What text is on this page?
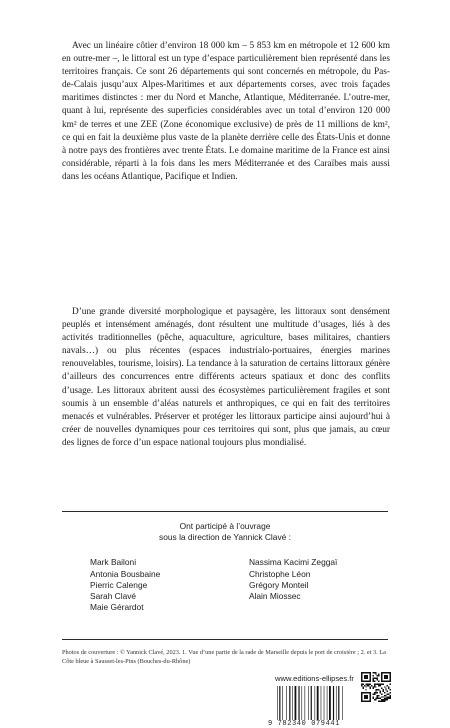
Avec un linéaire côtier d’environ 18 000 km – 5 853 km en métropole et 12 600 km en outre-mer –, le littoral est un type d’espace particulièrement bien représenté dans les territoires français. Ce sont 26 départements qui sont concernés en métropole, du Pas-de-Calais jusqu’aux Alpes-Maritimes et aux départements corses, avec trois façades maritimes distinctes : mer du Nord et Manche, Atlantique, Méditerranée. L’outre-mer, quant à lui, représente des superficies considérables avec un total d’environ 120 000 km² de terres et une ZEE (Zone économique exclusive) de près de 11 millions de km², ce qui en fait la deuxième plus vaste de la planète derrière celle des États-Unis et donne à notre pays des frontières avec trente États. Le domaine maritime de la France est ainsi considérable, réparti à la fois dans les mers Méditerranée et des Caraïbes mais aussi dans les océans Atlantique, Pacifique et Indien.

D’une grande diversité morphologique et paysagère, les littoraux sont densément peuplés et intensément aménagés, dont résultent une multitude d’usages, liés à des activités traditionnelles (pêche, aquaculture, agriculture, bases militaires, chantiers navals…) ou plus récentes (espaces industrialo-portuaires, énergies marines renouvelables, tourisme, loisirs). La tendance à la saturation de certains littoraux génère d’ailleurs des concurrences entre différents acteurs spatiaux et donc des conflits d’usage. Les littoraux abritent aussi des écosystèmes particulièrement fragiles et sont soumis à un ensemble d’aléas naturels et anthropiques, ce qui en fait des territoires menacés et vulnérables. Préserver et protéger les littoraux participe ainsi aujourd’hui à créer de nouvelles dynamiques pour ces territoires qui sont, plus que jamais, au cœur des lignes de force d’un espace national toujours plus mondialisé.

Ont participé à l’ouvrage
sous la direction de Yannick Clavé :

Mark Bailoni
Antonia Bousbaine
Pierric Calenge
Sarah Clavé
Maie Gérardot
Nassima Kacimi Zeggaï
Christophe Léon
Grégory Monteil
Alain Miossec
Photos de couverture : © Yannick Clavé, 2023. 1. Vue d’une partie de la rade de Marseille depuis le port de croisière ; 2. et 3. La Côte bleue à Sausset-les-Pins (Bouches-du-Rhône)
www.editions-ellipses.fr
9 782340 079441
